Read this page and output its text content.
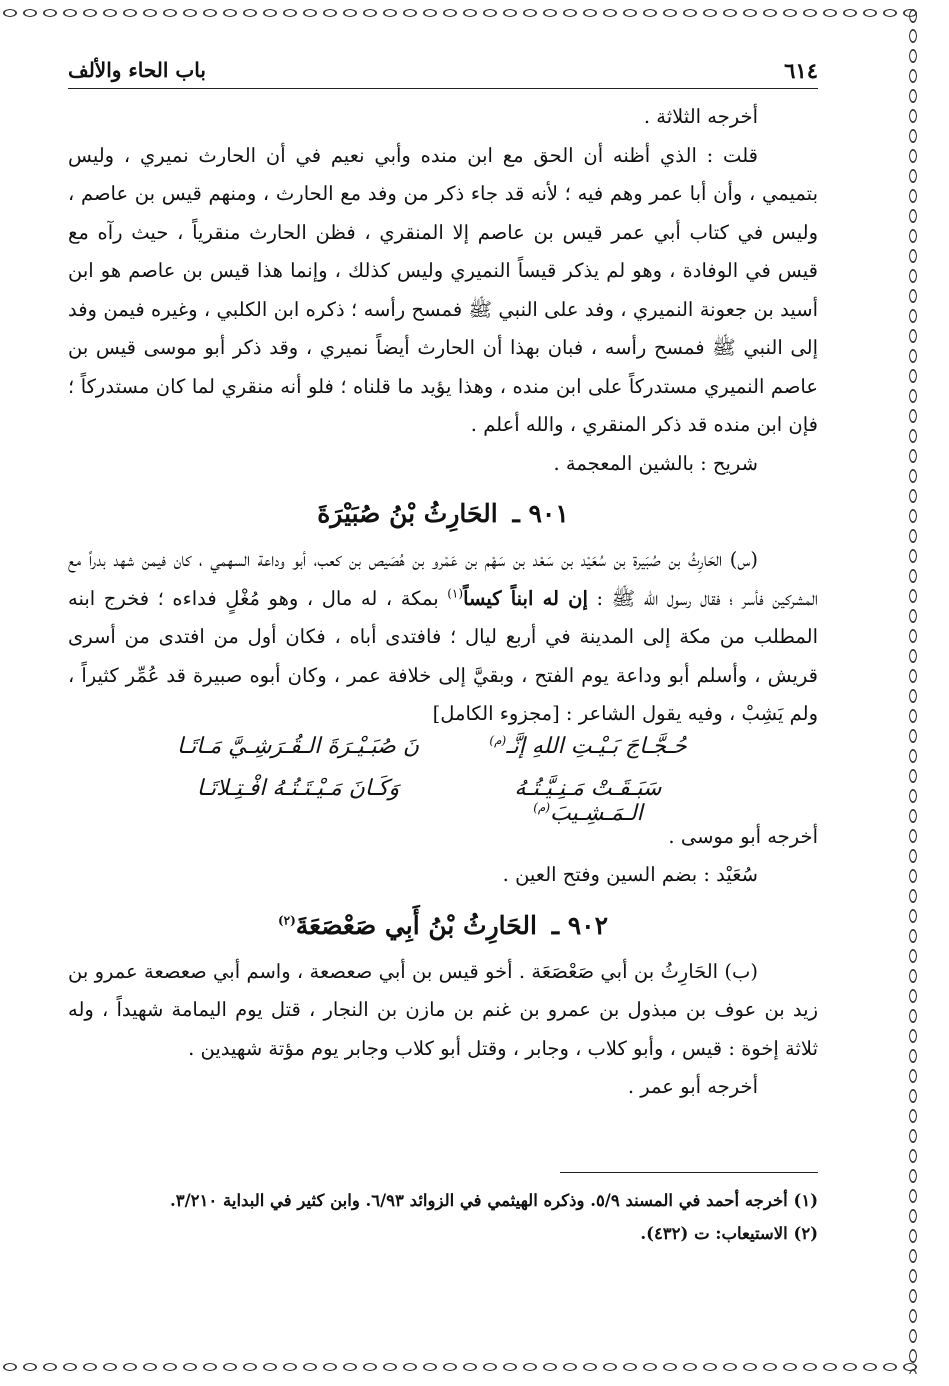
٦١٤
باب الحاء والألف

أخرجه الثلاثة .

قلت : الذي أظنه أن الحق مع ابن منده وأبي نعيم في أن الحارث نميري ، وليس بتميمي ، وأن أبا عمر وهم فيه ؛ لأنه قد جاء ذكر من وفد مع الحارث ، ومنهم قيس بن عاصم ، وليس في كتاب أبي عمر قيس بن عاصم إلا المنقري ، فظن الحارث منقرياً ، حيث رآه مع قيس في الوفادة ، وهو لم يذكر قيساً النميري وليس كذلك ، وإنما هذا قيس بن عاصم هو ابن أسيد بن جعونة النميري ، وفد على النبي ﷺ فمسح رأسه ؛ ذكره ابن الكلبي ، وغيره فيمن وفد إلى النبي ﷺ فمسح رأسه ، فبان بهذا أن الحارث أيضاً نميري ، وقد ذكر أبو موسى قيس بن عاصم النميري مستدركاً على ابن منده ، وهذا يؤيد ما قلناه ؛ فلو أنه منقري لما كان مستدركاً ؛ فإن ابن منده قد ذكر المنقري ، والله أعلم .

شريح : بالشين المعجمة .

٩٠١ ـ الحَارِثُ بْنُ صُبَيْرَةَ

(س) الحَارِثُ بن صُبَيرة بن سُعَيْد بن سَعْد بن سَهْم بن عَمْرو بن هُصَيص بن كعب، أبو وداعة السهمي ، كان فيمن شهد بدراً مع المشركين فأسر ؛ فقال رسول الله ﷺ : إن له ابناً كيساً$^{(١)}$ بمكة ، له مال ، وهو مُغْلٍ فداءه ؛ فخرج ابنه المطلب من مكة إلى المدينة في أربع ليال ؛ فافتدى أباه ، فكان أول من افتدى من أسرى قريش ، وأسلم أبو وداعة يوم الفتح ، وبقيَّ إلى خلافة عمر ، وكان أبوه صبيرة قد عُمِّر كثيراً ، ولم يَشِبْ ، وفيه يقول الشاعر : [مجزوء الكامل]

حُـجَّـاجَ بَـيْـتِ اللهِ إنَّـ$^{(م)}$
نَ صُبَـيْـرَةَ الـقُـرَشِـيَّ مَـاتَـا
سَبَـقَـتْ مَـنِـيَّـتُـهُ الـمَـشِـيبَ$^{(م)}$
وَكَـانَ مَـيْـتَـتُـهُ افْـتِـلاتَـا

أخرجه أبو موسى .

سُعَيْد : بضم السين وفتح العين .

٩٠٢ ـ الحَارِثُ بْنُ أَبِي صَعْصَعَةَ$^{(٢)}$

(ب) الحَارِثُ بن أبي صَعْصَعَة . أخو قيس بن أبي صعصعة ، واسم أبي صعصعة عمرو بن زيد بن عوف بن مبذول بن عمرو بن غنم بن مازن بن النجار ، قتل يوم اليمامة شهيداً ، وله ثلاثة إخوة : قيس ، وأبو كلاب ، وجابر ، وقتل أبو كلاب وجابر يوم مؤتة شهيدين .

أخرجه أبو عمر .

(١) أخرجه أحمد في المسند ٥/٩. وذكره الهيثمي في الزوائد ٦/٩٣. وابن كثير في البداية ٣/٢١٠.

(٢) الاستيعاب: ت (٤٣٢).
